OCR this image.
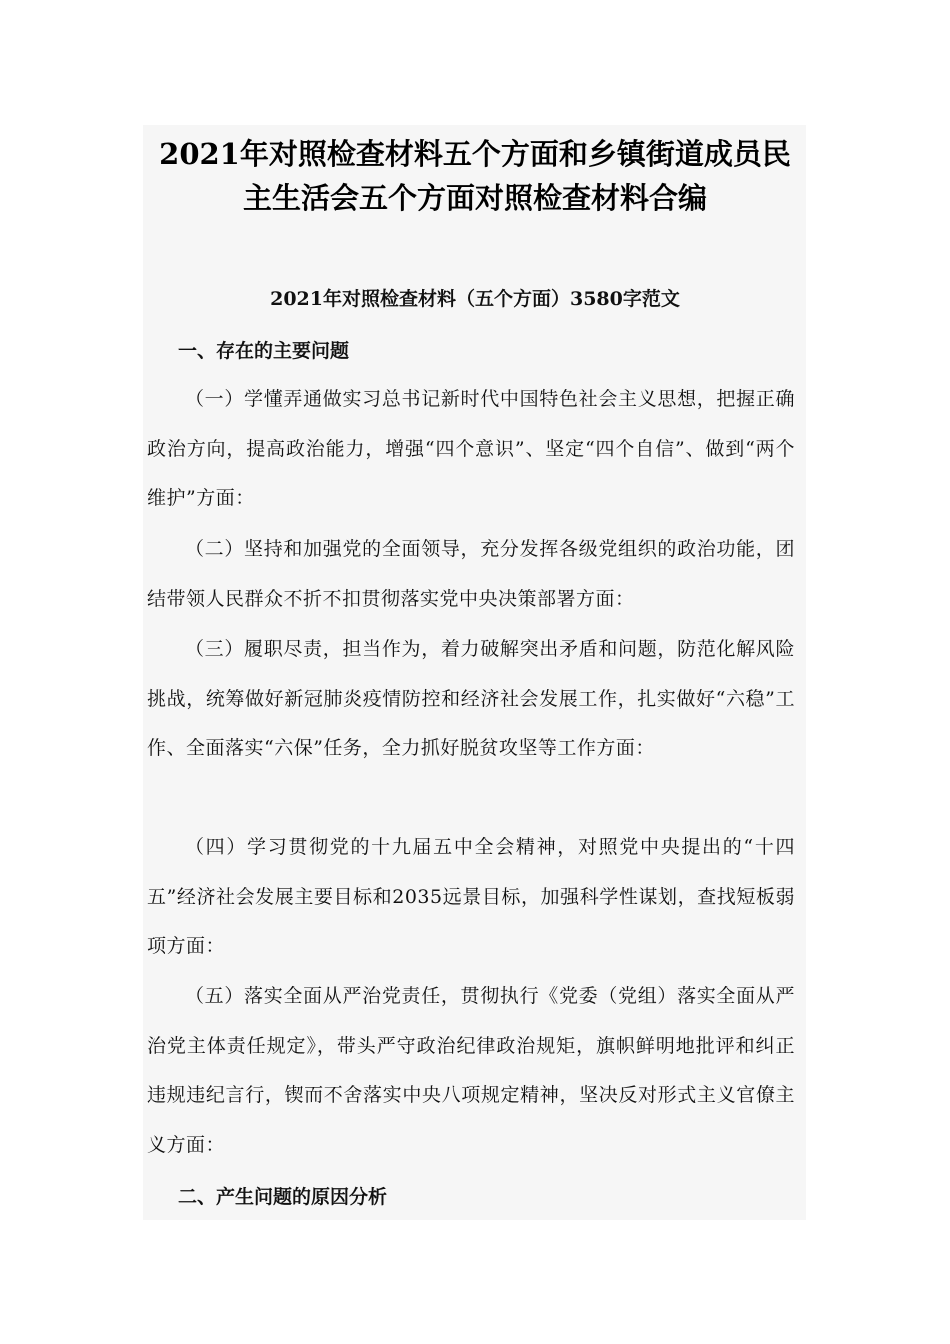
2021年对照检查材料五个方面和乡镇街道成员民主生活会五个方面对照检查材料合编

2021年对照检查材料（五个方面）3580字范文

一、存在的主要问题

（一）学懂弄通做实习总书记新时代中国特色社会主义思想，把握正确政治方向，提高政治能力，增强“四个意识”、坚定“四个自信”、做到“两个维护”方面：

（二）坚持和加强党的全面领导，充分发挥各级党组织的政治功能，团结带领人民群众不折不扣贯彻落实党中央决策部署方面：

（三）履职尽责，担当作为，着力破解突出矛盾和问题，防范化解风险挑战，统筹做好新冠肺炎疫情防控和经济社会发展工作，扎实做好“六稳”工作、全面落实“六保”任务，全力抓好脱贫攻坚等工作方面：

（四）学习贯彻党的十九届五中全会精神，对照党中央提出的“十四五”经济社会发展主要目标和2035远景目标，加强科学性谋划，查找短板弱项方面：

（五）落实全面从严治党责任，贯彻执行《党委（党组）落实全面从严治党主体责任规定》，带头严守政治纪律政治规矩，旗帜鲜明地批评和纠正违规违纪言行，锲而不舍落实中央八项规定精神，坚决反对形式主义官僚主义方面：

二、产生问题的原因分析
